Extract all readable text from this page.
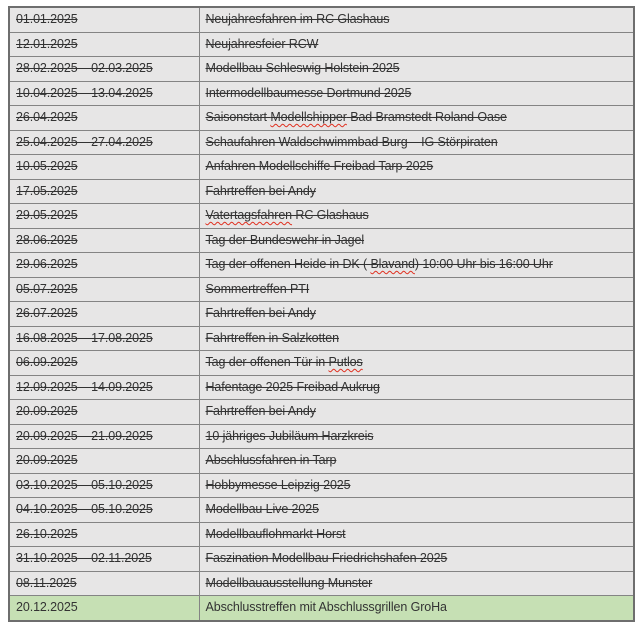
01.01.2025	Neujahresfahren im RC Glashaus
12.01.2025	Neujahresfeier RCW
28.02.2025 – 02.03.2025	Modellbau Schleswig Holstein 2025
10.04.2025 – 13.04.2025	Intermodellbaumesse Dortmund 2025
26.04.2025	Saisonstart Modellshipper Bad Bramstedt Roland Oase
25.04.2025 – 27.04.2025	Schaufahren Waldschwimmbad Burg – IG Störpiraten
10.05.2025	Anfahren Modellschiffe Freibad Tarp 2025
17.05.2025	Fahrtreffen bei Andy
29.05.2025	Vatertagsfahren RC Glashaus
28.06.2025	Tag der Bundeswehr in Jagel
29.06.2025	Tag der offenen Heide in DK ( Blavand) 10:00 Uhr bis 16:00 Uhr
05.07.2025	Sommertreffen PTI
26.07.2025	Fahrtreffen bei Andy
16.08.2025 – 17.08.2025	Fahrtreffen in Salzkotten
06.09.2025	Tag der offenen Tür in Putlos
12.09.2025 – 14.09.2025	Hafentage 2025 Freibad Aukrug
20.09.2025	Fahrtreffen bei Andy
20.09.2025 – 21.09.2025	10 jähriges Jubiläum Harzkreis
20.09.2025	Abschlussfahren in Tarp
03.10.2025 – 05.10.2025	Hobbymesse Leipzig 2025
04.10.2025 – 05.10.2025	Modellbau Live 2025
26.10.2025	Modellbauflohmarkt Horst
31.10.2025 – 02.11.2025	Faszination Modellbau Friedrichshafen 2025
08.11.2025	Modellbauausstellung Munster
20.12.2025	Abschlusstreffen mit Abschlussgrillen GroHa
